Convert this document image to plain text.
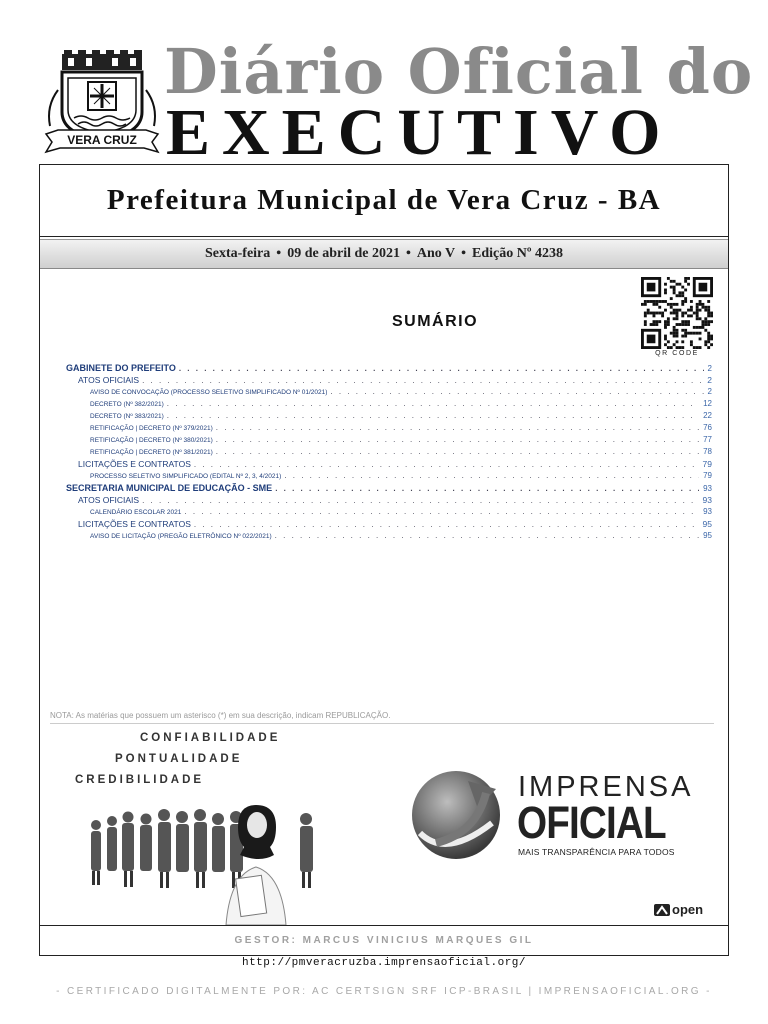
VERA CRUZ
Diário Oficial do
EXECUTIVO
Prefeitura Municipal de Vera Cruz - BA
Sexta-feira • 09 de abril de 2021 • Ano V • Edição Nº 4238
QR CODE
SUMÁRIO
GABINETE DO PREFEITO . . .	2
ATOS OFICIAIS . . .	2
AVISO DE CONVOCAÇÃO (PROCESSO SELETIVO SIMPLIFICADO Nº 01/2021) . . .	2
DECRETO (Nº 382/2021) . . .	12
DECRETO (Nº 383/2021) . . .	22
RETIFICAÇÃO | DECRETO (Nº 379/2021) . . .	76
RETIFICAÇÃO | DECRETO (Nº 380/2021) . . .	77
RETIFICAÇÃO | DECRETO (Nº 381/2021) . . .	78
LICITAÇÕES E CONTRATOS . . .	79
PROCESSO SELETIVO SIMPLIFICADO (EDITAL Nº 2, 3, 4/2021) . . .	79
SECRETARIA MUNICIPAL DE EDUCAÇÃO - SME . . .	93
ATOS OFICIAIS . . .	93
CALENDÁRIO ESCOLAR 2021 . . .	93
LICITAÇÕES E CONTRATOS . . .	95
AVISO DE LICITAÇÃO (PREGÃO ELETRÔNICO Nº 022/2021) . . .	95
NOTA: As matérias que possuem um asterisco (*) em sua descrição, indicam REPUBLICAÇÃO.
CONFIABILIDADE
PONTUALIDADE
CREDIBILIDADE	IMPRENSA
OFICIAL
MAIS TRANSPARÊNCIA PARA TODOS
open
GESTOR: MARCUS VINICIUS MARQUES GIL
http://pmveracruzba.imprensaoficial.org/
- CERTIFICADO DIGITALMENTE POR: AC CERTSIGN SRF ICP-BRASIL | IMPRENSAOFICIAL.ORG -
